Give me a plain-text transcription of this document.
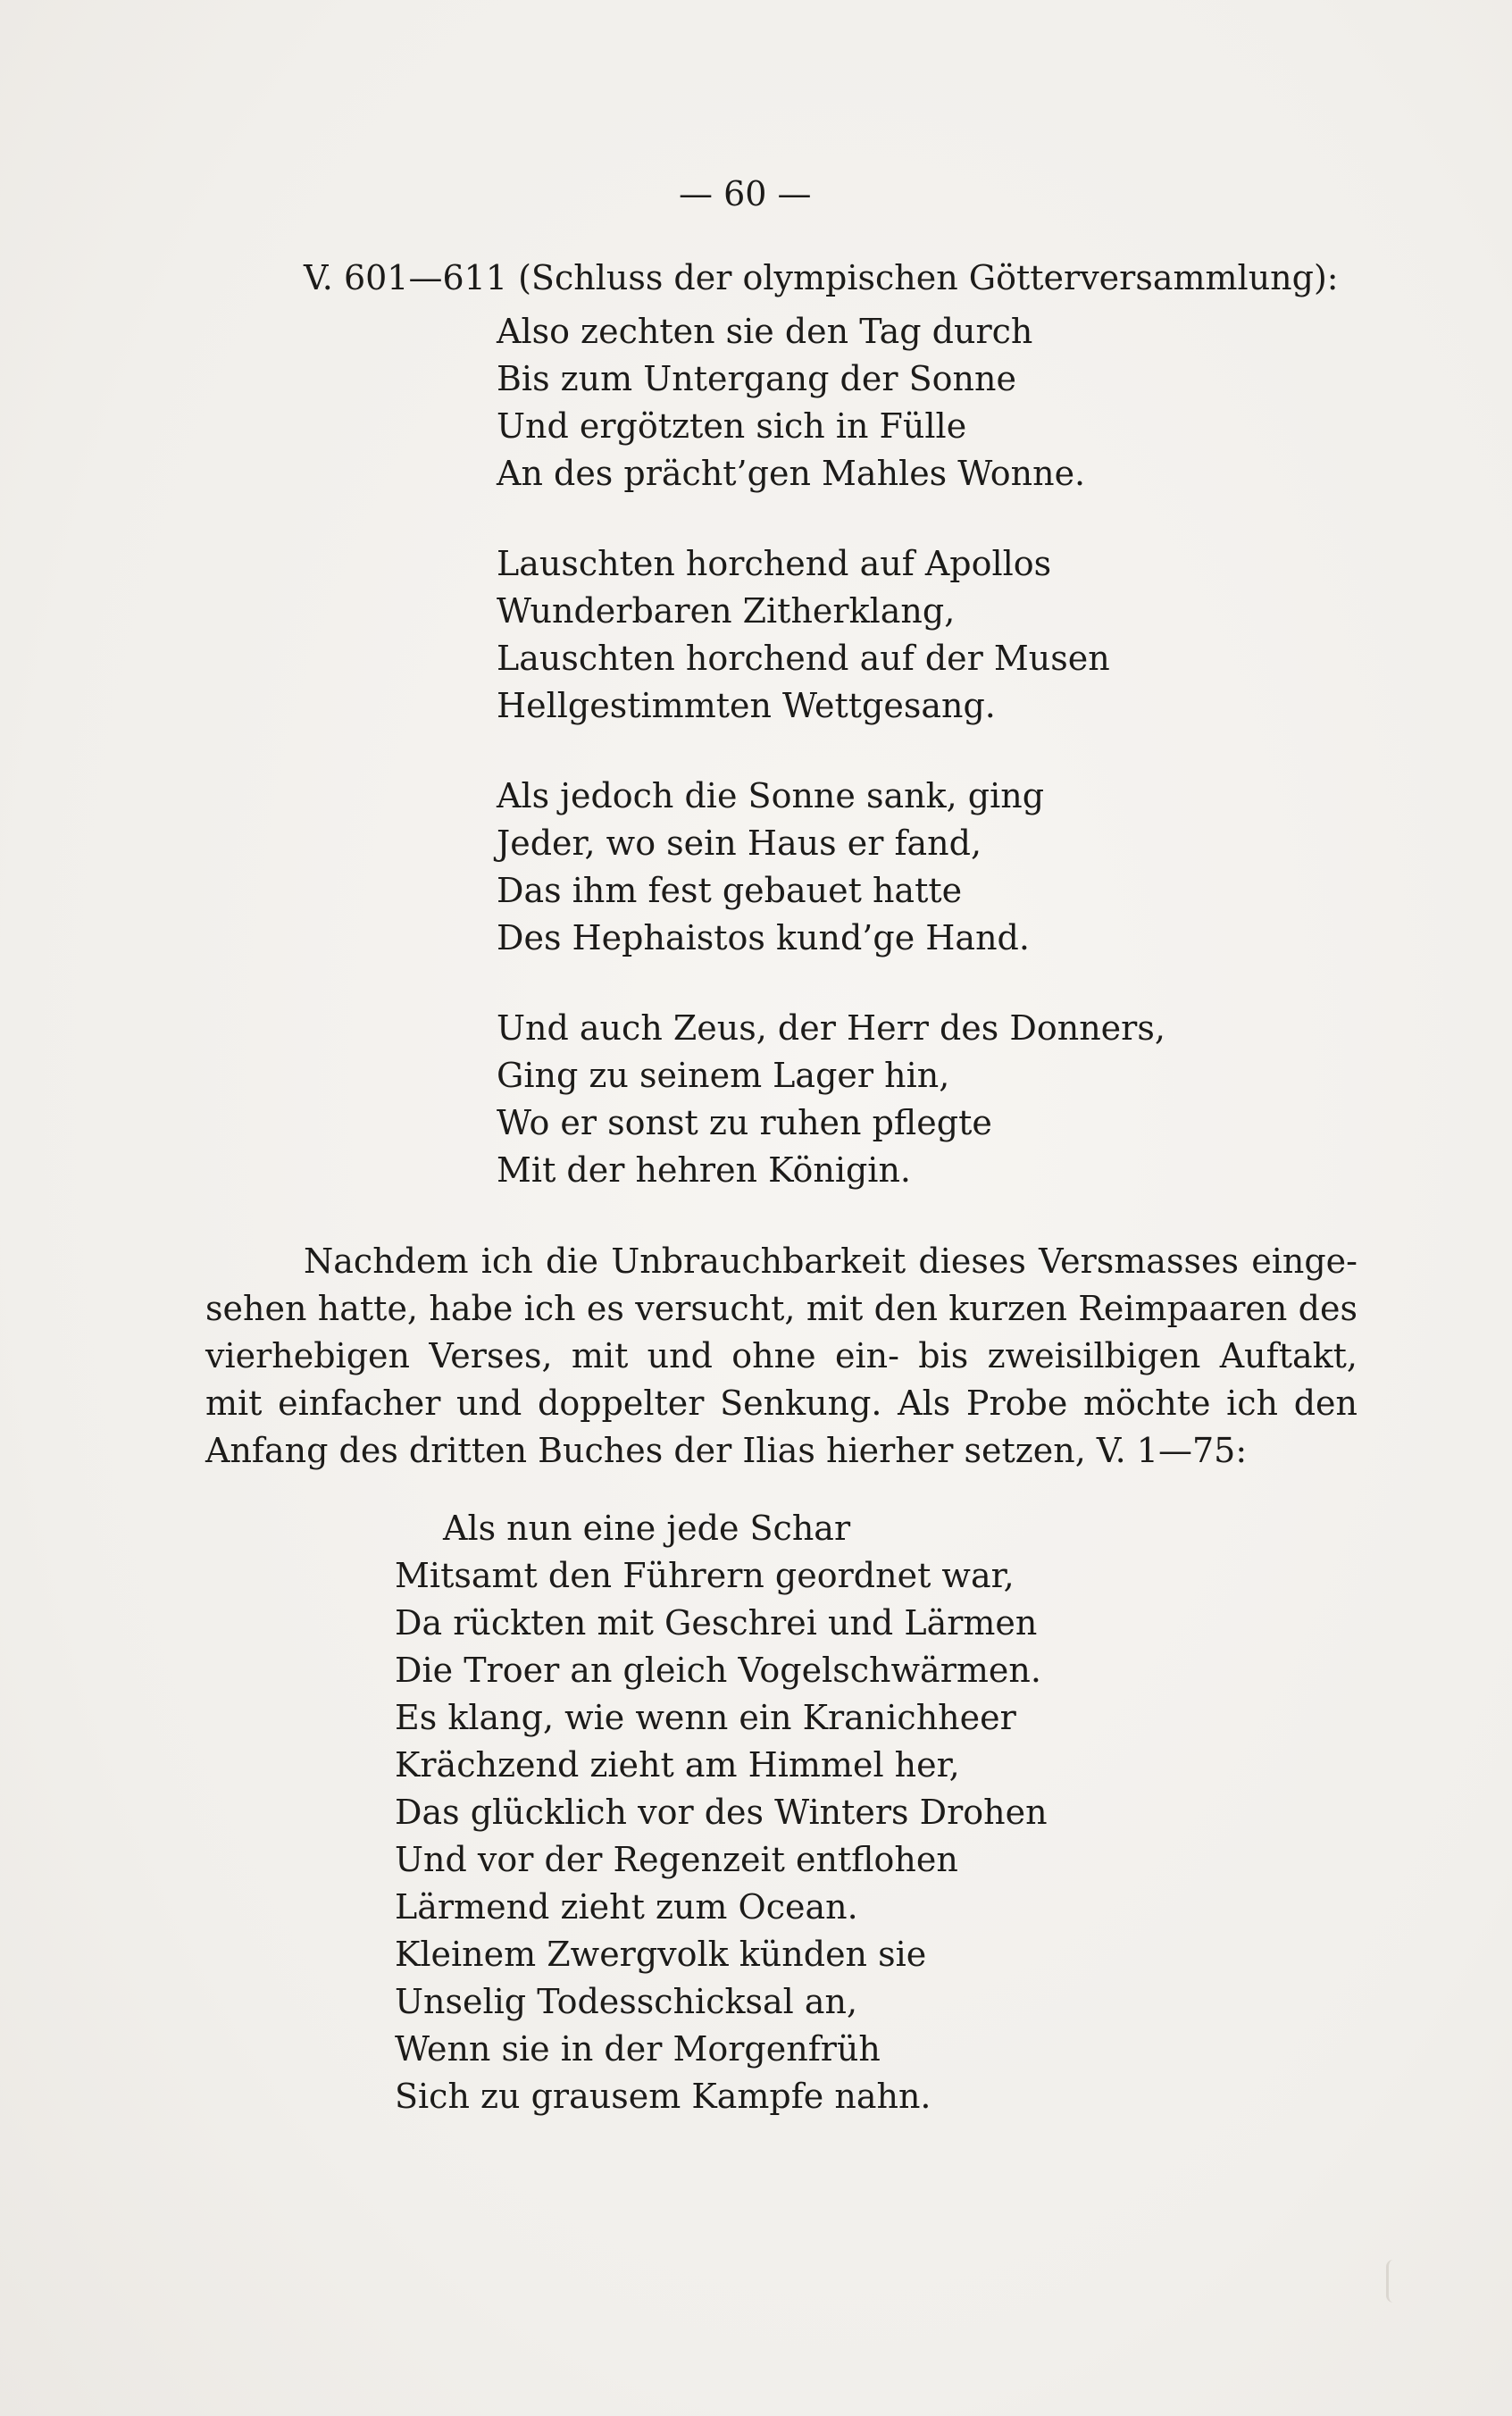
— 60 —
V. 601—611 (Schluss der olympischen Götterversammlung):
Also zechten sie den Tag durch
Bis zum Untergang der Sonne
Und ergötzten sich in Fülle
An des prächt’gen Mahles Wonne.
Lauschten horchend auf Apollos
Wunderbaren Zitherklang,
Lauschten horchend auf der Musen
Hellgestimmten Wettgesang.
Als jedoch die Sonne sank, ging
Jeder, wo sein Haus er fand,
Das ihm fest gebauet hatte
Des Hephaistos kund’ge Hand.
Und auch Zeus, der Herr des Donners,
Ging zu seinem Lager hin,
Wo er sonst zu ruhen pflegte
Mit der hehren Königin.
Nachdem ich die Unbrauchbarkeit dieses Versmasses einge-
sehen hatte, habe ich es versucht, mit den kurzen Reimpaaren des
vierhebigen Verses, mit und ohne ein- bis zweisilbigen Auftakt,
mit einfacher und doppelter Senkung. Als Probe möchte ich den
Anfang des dritten Buches der Ilias hierher setzen, V. 1—75:
Als nun eine jede Schar
Mitsamt den Führern geordnet war,
Da rückten mit Geschrei und Lärmen
Die Troer an gleich Vogelschwärmen.
Es klang, wie wenn ein Kranichheer
Krächzend zieht am Himmel her,
Das glücklich vor des Winters Drohen
Und vor der Regenzeit entflohen
Lärmend zieht zum Ocean.
Kleinem Zwergvolk künden sie
Unselig Todesschicksal an,
Wenn sie in der Morgenfrüh
Sich zu grausem Kampfe nahn.
